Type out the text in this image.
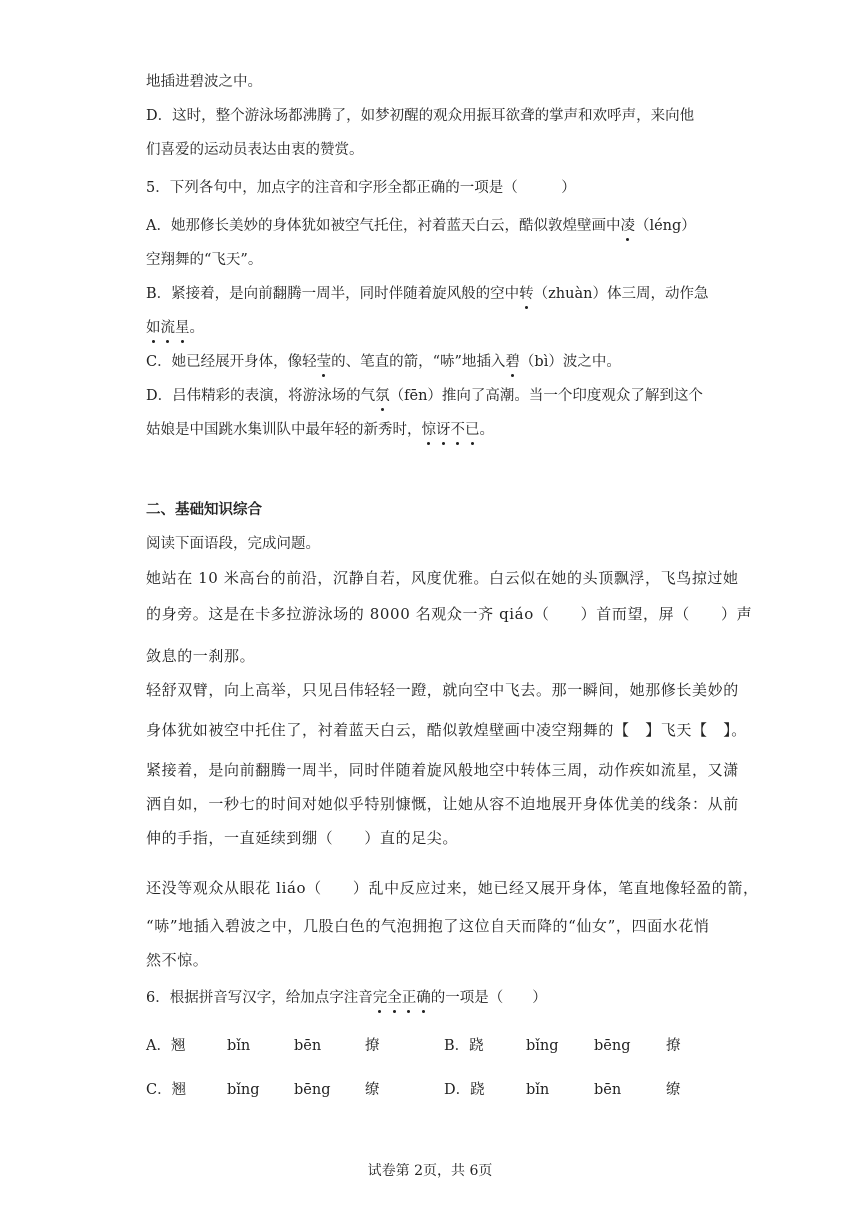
地插进碧波之中。
D．这时，整个游泳场都沸腾了，如梦初醒的观众用振耳欲聋的掌声和欢呼声，来向他
们喜爱的运动员表达由衷的赞赏。
5．下列各句中，加点字的注音和字形全都正确的一项是（　　　）
A．她那修长美妙的身体犹如被空气托住，衬着蓝天白云，酷似敦煌壁画中凌（léng）
空翔舞的“飞天”。
B．紧接着，是向前翻腾一周半，同时伴随着旋风般的空中转（zhuàn）体三周，动作急
如流星。
C．她已经展开身体，像轻莹的、笔直的箭，“哧”地插入碧（bì）波之中。
D．吕伟精彩的表演，将游泳场的气氛（fēn）推向了高潮。当一个印度观众了解到这个
姑娘是中国跳水集训队中最年轻的新秀时，惊讶不已。
二、基础知识综合
阅读下面语段，完成问题。
她站在 10 米高台的前沿，沉静自若，风度优雅。白云似在她的头顶飘浮，飞鸟掠过她
的身旁。这是在卡多拉游泳场的 8000 名观众一齐 qiáo（　　）首而望，屏（　　）声
敛息的一刹那。
轻舒双臂，向上高举，只见吕伟轻轻一蹬，就向空中飞去。那一瞬间，她那修长美妙的
身体犹如被空中托住了，衬着蓝天白云，酷似敦煌壁画中凌空翔舞的【　】飞天【　】。
紧接着，是向前翻腾一周半，同时伴随着旋风般地空中转体三周，动作疾如流星，又潇
洒自如，一秒七的时间对她似乎特别慷慨，让她从容不迫地展开身体优美的线条：从前
伸的手指，一直延续到绷（　　）直的足尖。
还没等观众从眼花 liáo（　　）乱中反应过来，她已经又展开身体，笔直地像轻盈的箭，
“哧”地插入碧波之中，几股白色的气泡拥抱了这位自天而降的“仙女”，四面水花悄
然不惊。
6．根据拼音写汉字，给加点字注音完全正确的一项是（　　）
A．翘	bǐn	bēn	撩	B．跷	bǐng bēng 撩
C．翘	bǐng bēng 缭	D．跷	bǐn	bēn	缭
试卷第 2页，共 6页
